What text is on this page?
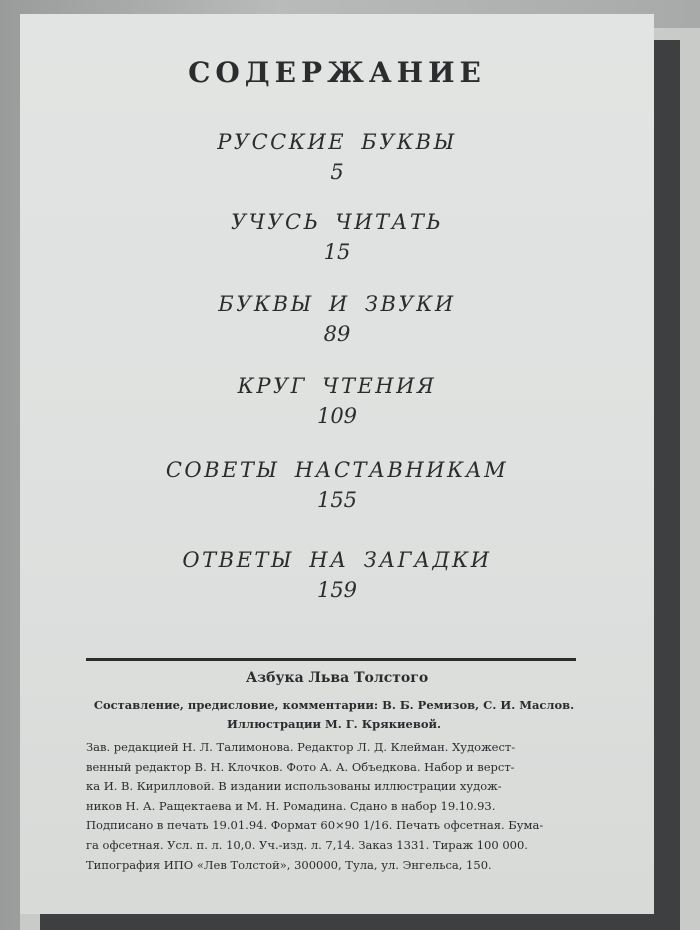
СОДЕРЖАНИЕ
РУССКИЕ БУКВЫ
5
УЧУСЬ ЧИТАТЬ
15
БУКВЫ И ЗВУКИ
89
КРУГ ЧТЕНИЯ
109
СОВЕТЫ НАСТАВНИКАМ
155
ОТВЕТЫ НА ЗАГАДКИ
159
Азбука Льва Толстого
Составление, предисловие, комментарии: В. Б. Ремизов, С. И. Маслов.
Иллюстрации М. Г. Крякиевой.
Зав. редакцией Н. Л. Талимонова. Редактор Л. Д. Клейман. Художест-
венный редактор В. Н. Клочков. Фото А. А. Объедкова. Набор и верст-
ка И. В. Кирилловой. В издании использованы иллюстрации худож-
ников Н. А. Ращектаева и М. Н. Ромадина. Сдано в набор 19.10.93.
Подписано в печать 19.01.94. Формат 60×90 1/16. Печать офсетная. Бума-
га офсетная. Усл. п. л. 10,0. Уч.-изд. л. 7,14. Заказ 1331. Тираж 100 000.
Типография ИПО «Лев Толстой», 300000, Тула, ул. Энгельса, 150.
